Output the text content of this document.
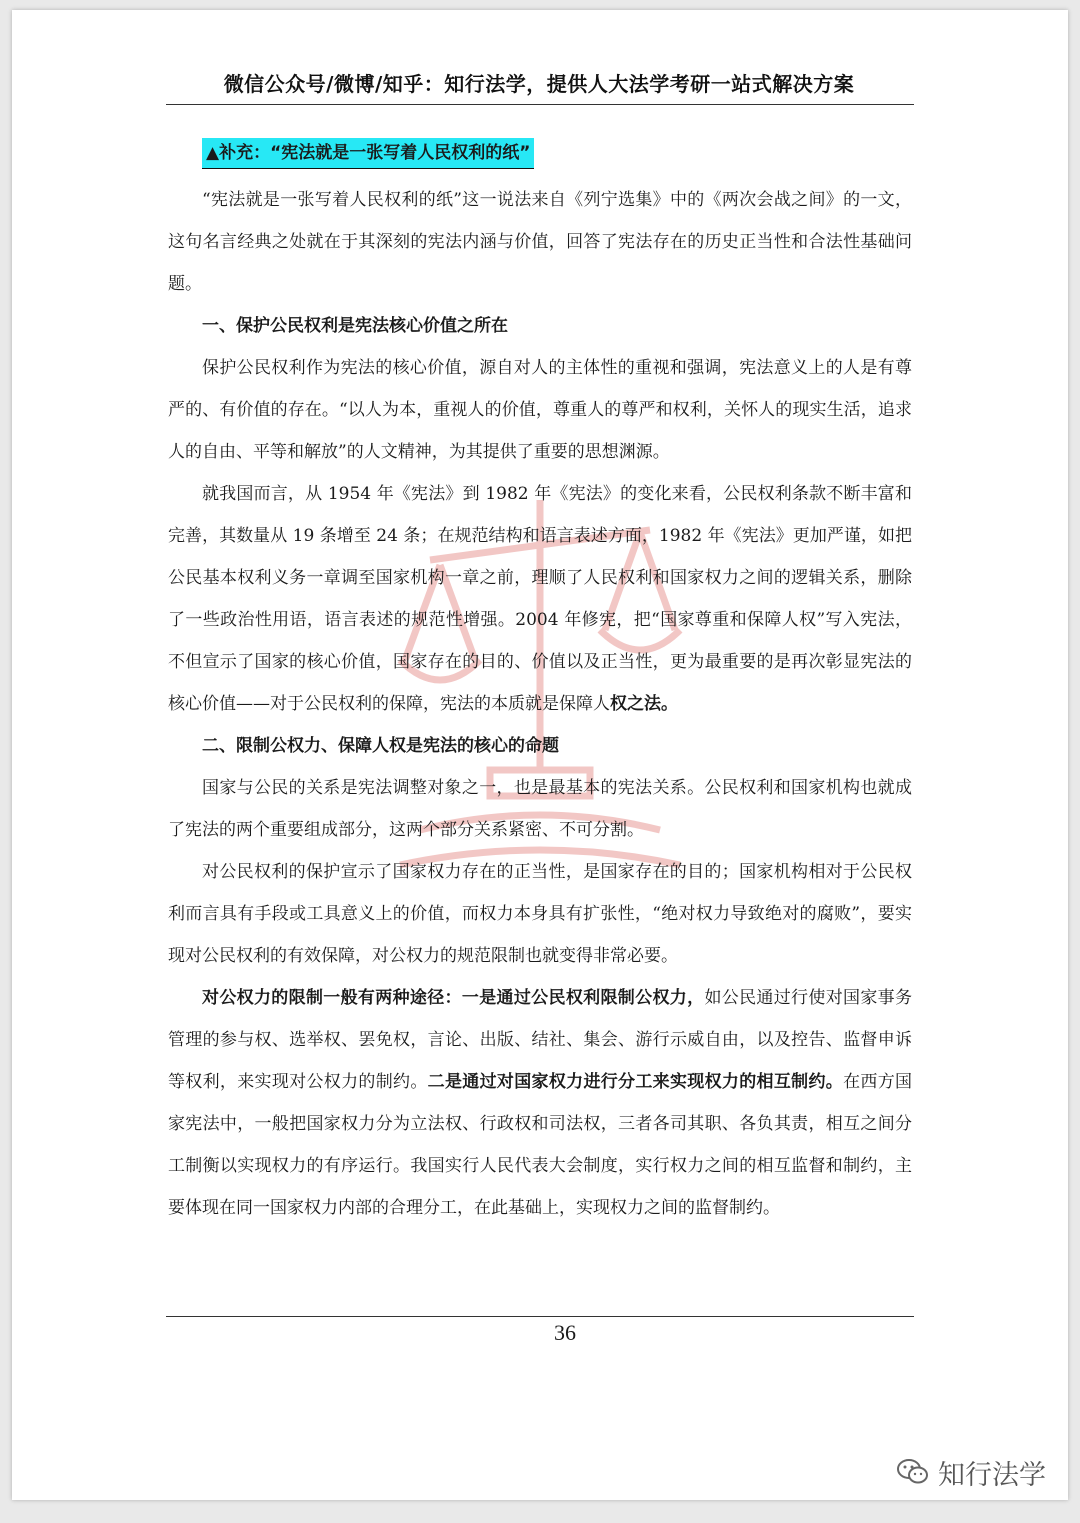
微信公众号/微博/知乎：知行法学，提供人大法学考研一站式解决方案
▲补充：“宪法就是一张写着人民权利的纸”

“宪法就是一张写着人民权利的纸”这一说法来自《列宁选集》中的《两次会战之间》的一文，这句名言经典之处就在于其深刻的宪法内涵与价值，回答了宪法存在的历史正当性和合法性基础问题。

一、保护公民权利是宪法核心价值之所在

保护公民权利作为宪法的核心价值，源自对人的主体性的重视和强调，宪法意义上的人是有尊严的、有价值的存在。“以人为本，重视人的价值，尊重人的尊严和权利，关怀人的现实生活，追求人的自由、平等和解放”的人文精神，为其提供了重要的思想渊源。

就我国而言，从 1954 年《宪法》到 1982 年《宪法》的变化来看，公民权利条款不断丰富和完善，其数量从 19 条增至 24 条；在规范结构和语言表述方面，1982 年《宪法》更加严谨，如把公民基本权利义务一章调至国家机构一章之前，理顺了人民权利和国家权力之间的逻辑关系，删除了一些政治性用语，语言表述的规范性增强。2004 年修宪，把“国家尊重和保障人权”写入宪法，不但宣示了国家的核心价值，国家存在的目的、价值以及正当性，更为最重要的是再次彰显宪法的核心价值——对于公民权利的保障，宪法的本质就是保障人权之法。

二、限制公权力、保障人权是宪法的核心的命题

国家与公民的关系是宪法调整对象之一，也是最基本的宪法关系。公民权利和国家机构也就成了宪法的两个重要组成部分，这两个部分关系紧密、不可分割。

对公民权利的保护宣示了国家权力存在的正当性，是国家存在的目的；国家机构相对于公民权利而言具有手段或工具意义上的价值，而权力本身具有扩张性，“绝对权力导致绝对的腐败”，要实现对公民权利的有效保障，对公权力的规范限制也就变得非常必要。

对公权力的限制一般有两种途径：一是通过公民权利限制公权力，如公民通过行使对国家事务管理的参与权、选举权、罢免权，言论、出版、结社、集会、游行示威自由，以及控告、监督申诉等权利，来实现对公权力的制约。二是通过对国家权力进行分工来实现权力的相互制约。在西方国家宪法中，一般把国家权力分为立法权、行政权和司法权，三者各司其职、各负其责，相互之间分工制衡以实现权力的有序运行。我国实行人民代表大会制度，实行权力之间的相互监督和制约，主要体现在同一国家权力内部的合理分工，在此基础上，实现权力之间的监督制约。

36
知行法学
